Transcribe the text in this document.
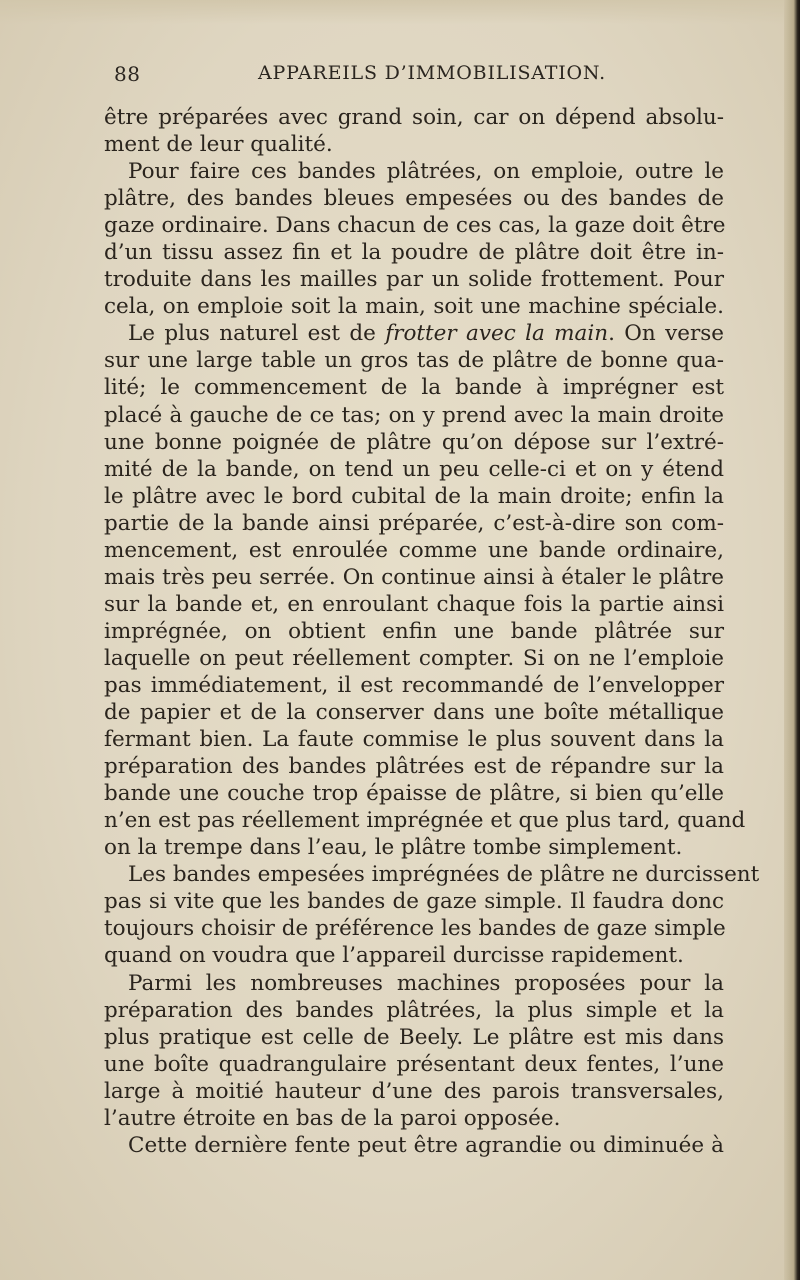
88	APPAREILS D’IMMOBILISATION.
être préparées avec grand soin, car on dépend absolu-
ment de leur qualité.
Pour faire ces bandes plâtrées, on emploie, outre le
plâtre, des bandes bleues empesées ou des bandes de
gaze ordinaire. Dans chacun de ces cas, la gaze doit être
d’un tissu assez fin et la poudre de plâtre doit être in-
troduite dans les mailles par un solide frottement. Pour
cela, on emploie soit la main, soit une machine spéciale.
Le plus naturel est de frotter avec la main. On verse
sur une large table un gros tas de plâtre de bonne qua-
lité; le commencement de la bande à imprégner est
placé à gauche de ce tas; on y prend avec la main droite
une bonne poignée de plâtre qu’on dépose sur l’extré-
mité de la bande, on tend un peu celle-ci et on y étend
le plâtre avec le bord cubital de la main droite; enfin la
partie de la bande ainsi préparée, c’est-à-dire son com-
mencement, est enroulée comme une bande ordinaire,
mais très peu serrée. On continue ainsi à étaler le plâtre
sur la bande et, en enroulant chaque fois la partie ainsi
imprégnée, on obtient enfin une bande plâtrée sur
laquelle on peut réellement compter. Si on ne l’emploie
pas immédiatement, il est recommandé de l’envelopper
de papier et de la conserver dans une boîte métallique
fermant bien. La faute commise le plus souvent dans la
préparation des bandes plâtrées est de répandre sur la
bande une couche trop épaisse de plâtre, si bien qu’elle
n’en est pas réellement imprégnée et que plus tard, quand
on la trempe dans l’eau, le plâtre tombe simplement.
Les bandes empesées imprégnées de plâtre ne durcissent
pas si vite que les bandes de gaze simple. Il faudra donc
toujours choisir de préférence les bandes de gaze simple
quand on voudra que l’appareil durcisse rapidement.
Parmi les nombreuses machines proposées pour la
préparation des bandes plâtrées, la plus simple et la
plus pratique est celle de Beely. Le plâtre est mis dans
une boîte quadrangulaire présentant deux fentes, l’une
large à moitié hauteur d’une des parois transversales,
l’autre étroite en bas de la paroi opposée.
Cette dernière fente peut être agrandie ou diminuée à
